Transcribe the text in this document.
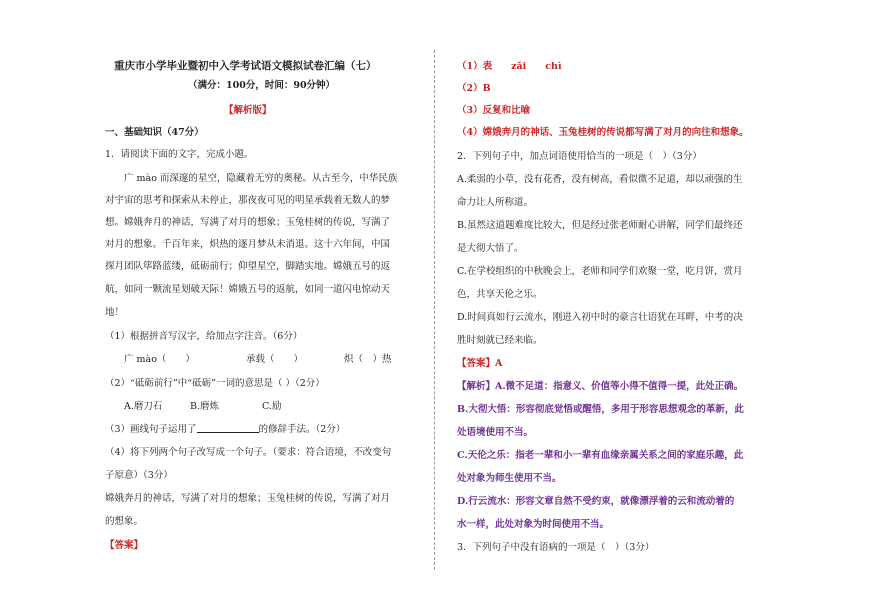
重庆市小学毕业暨初中入学考试语文模拟试卷汇编（七）
（满分：100分，时间：90分钟）
【解析版】
一、基础知识（47分）
1．请阅读下面的文字，完成小题。
广 mào 而深邃的星空，隐藏着无穷的奥秘。从古至今，中华民族
对宇宙的思考和探索从未停止，那夜夜可见的明星承载着无数人的梦
想。嫦娥奔月的神话，写满了对月的想象；玉兔桂树的传说，写满了
对月的想象。千百年来，炽热的逐月梦从未消退。这十六年间，中国
探月团队筚路蓝缕，砥砺前行；仰望星空，脚踏实地。嫦娥五号的返
航，如同一颗流星划破天际！嫦娥五号的返航，如同一道闪电惊动天
地！
（1）根据拼音写汉字，给加点字注音。（6分）
广 mào（　　）	承载（　　）	炽（　）热
（2）“砥砺前行”中“砥砺”一词的意思是（ ）（2分）
A.磨刀石	B.磨炼	C.励
（3）画线句子运用了	的修辞手法。（2分）
（4）将下列两个句子改写成一个句子。（要求：符合语境，不改变句
子原意）（3分）
嫦娥奔月的神话，写满了对月的想象；玉兔桂树的传说，写满了对月
的想象。
【答案】
（1）表　　zǎi　　chì
（2）B
（3）反复和比喻
（4）嫦娥奔月的神话、玉兔桂树的传说都写满了对月的向往和想象。
2．下列句子中，加点词语使用恰当的一项是（　）（3分）
A.柔弱的小草，没有花香，没有树高，看似微不足道，却以顽强的生
命力让人所称道。
B.虽然这道题难度比较大，但是经过张老师耐心讲解，同学们最终还
是大彻大悟了。
C.在学校组织的中秋晚会上，老师和同学们欢聚一堂，吃月饼，赏月
色，共享天伦之乐。
D.时间真如行云流水，刚进入初中时的豪言壮语犹在耳畔，中考的决
胜时刻就已经来临。
【答案】A
【解析】A.微不足道：指意义、价值等小得不值得一提，此处正确。
B.大彻大悟：形容彻底觉悟或醒悟，多用于形容思想观念的革新，此
处语境使用不当。
C.天伦之乐：指老一辈和小一辈有血缘亲属关系之间的家庭乐趣，此
处对象为师生使用不当。
D.行云流水：形容文章自然不受约束，就像漂浮着的云和流动着的
水一样，此处对象为时间使用不当。
3．下列句子中没有语病的一项是（　）（3分）
